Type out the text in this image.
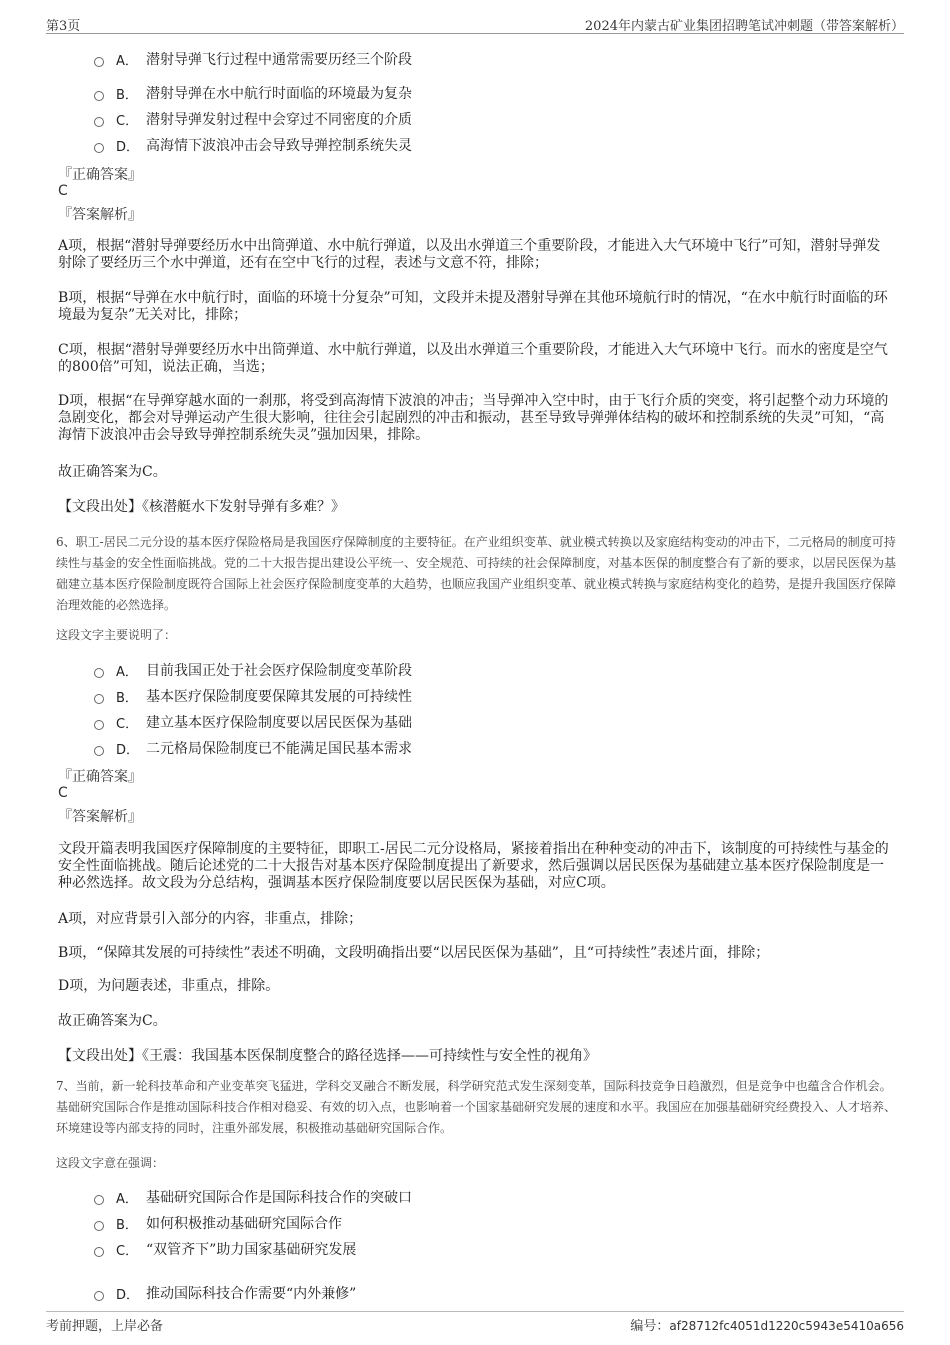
第3页	2024年内蒙古矿业集团招聘笔试冲刺题（带答案解析）
A． 潜射导弹飞行过程中通常需要历经三个阶段
B． 潜射导弹在水中航行时面临的环境最为复杂
C． 潜射导弹发射过程中会穿过不同密度的介质
D． 高海情下波浪冲击会导致导弹控制系统失灵
『正确答案』
C
『答案解析』

A项，根据“潜射导弹要经历水中出筒弹道、水中航行弹道，以及出水弹道三个重要阶段，才能进入大气环境中飞行”可知，潜射导弹发射除了要经历三个水中弹道，还有在空中飞行的过程，表述与文意不符，排除；

B项，根据“导弹在水中航行时，面临的环境十分复杂”可知，文段并未提及潜射导弹在其他环境航行时的情况，“在水中航行时面临的环境最为复杂”无关对比，排除；

C项，根据“潜射导弹要经历水中出筒弹道、水中航行弹道，以及出水弹道三个重要阶段，才能进入大气环境中飞行。而水的密度是空气的800倍”可知，说法正确，当选；

D项，根据“在导弹穿越水面的一刹那，将受到高海情下波浪的冲击；当导弹冲入空中时，由于飞行介质的突变，将引起整个动力环境的急剧变化，都会对导弹运动产生很大影响，往往会引起剧烈的冲击和振动，甚至导致导弹弹体结构的破坏和控制系统的失灵”可知，“高海情下波浪冲击会导致导弹控制系统失灵”强加因果，排除。

故正确答案为C。

【文段出处】《核潜艇水下发射导弹有多难？》

6、职工-居民二元分设的基本医疗保险格局是我国医疗保障制度的主要特征。在产业组织变革、就业模式转换以及家庭结构变动的冲击下，二元格局的制度可持续性与基金的安全性面临挑战。党的二十大报告提出建设公平统一、安全规范、可持续的社会保障制度，对基本医保的制度整合有了新的要求，以居民医保为基础建立基本医疗保险制度既符合国际上社会医疗保险制度变革的大趋势，也顺应我国产业组织变革、就业模式转换与家庭结构变化的趋势，是提升我国医疗保障治理效能的必然选择。

这段文字主要说明了：
A． 目前我国正处于社会医疗保险制度变革阶段
B． 基本医疗保险制度要保障其发展的可持续性
C． 建立基本医疗保险制度要以居民医保为基础
D． 二元格局保险制度已不能满足国民基本需求
『正确答案』
C
『答案解析』

文段开篇表明我国医疗保障制度的主要特征，即职工-居民二元分设格局，紧接着指出在种种变动的冲击下，该制度的可持续性与基金的安全性面临挑战。随后论述党的二十大报告对基本医疗保险制度提出了新要求，然后强调以居民医保为基础建立基本医疗保险制度是一种必然选择。故文段为分总结构，强调基本医疗保险制度要以居民医保为基础，对应C项。

A项，对应背景引入部分的内容，非重点，排除；

B项，“保障其发展的可持续性”表述不明确，文段明确指出要“以居民医保为基础”，且“可持续性”表述片面，排除；

D项，为问题表述，非重点，排除。

故正确答案为C。

【文段出处】《王震：我国基本医保制度整合的路径选择——可持续性与安全性的视角》

7、当前，新一轮科技革命和产业变革突飞猛进，学科交叉融合不断发展，科学研究范式发生深刻变革，国际科技竞争日趋激烈，但是竞争中也蕴含合作机会。基础研究国际合作是推动国际科技合作相对稳妥、有效的切入点，也影响着一个国家基础研究发展的速度和水平。我国应在加强基础研究经费投入、人才培养、环境建设等内部支持的同时，注重外部发展，积极推动基础研究国际合作。

这段文字意在强调：
A． 基础研究国际合作是国际科技合作的突破口
B． 如何积极推动基础研究国际合作
C． “双管齐下”助力国家基础研究发展
D． 推动国际科技合作需要“内外兼修”
考前押题，上岸必备	编号：af28712fc4051d1220c5943e5410a656
